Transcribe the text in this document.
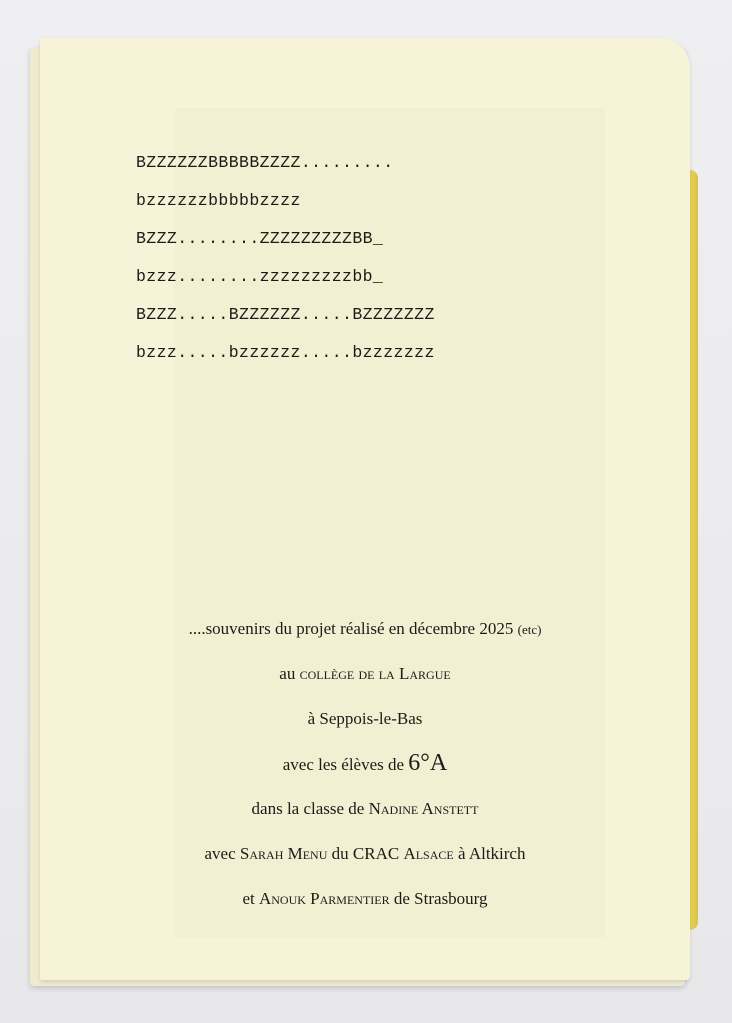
BZZZZZZBBBBBZZZZ.........
bzzzzzzbbbbbzzzz
BZZZ........ZZZZZZZZZBB_
bzzz........zzzzzzzzzbb_
BZZZ.....BZZZZZZ.....BZZZZZZZ
bzzz.....bzzzzzz.....bzzzzzzz
....souvenirs du projet réalisé en décembre 2025 (etc)
au collège de la Largue
à Seppois-le-Bas
avec les élèves de 6°A
dans la classe de Nadine Anstett
avec Sarah Menu du CRAC Alsace à Altkirch
et Anouk Parmentier de Strasbourg
